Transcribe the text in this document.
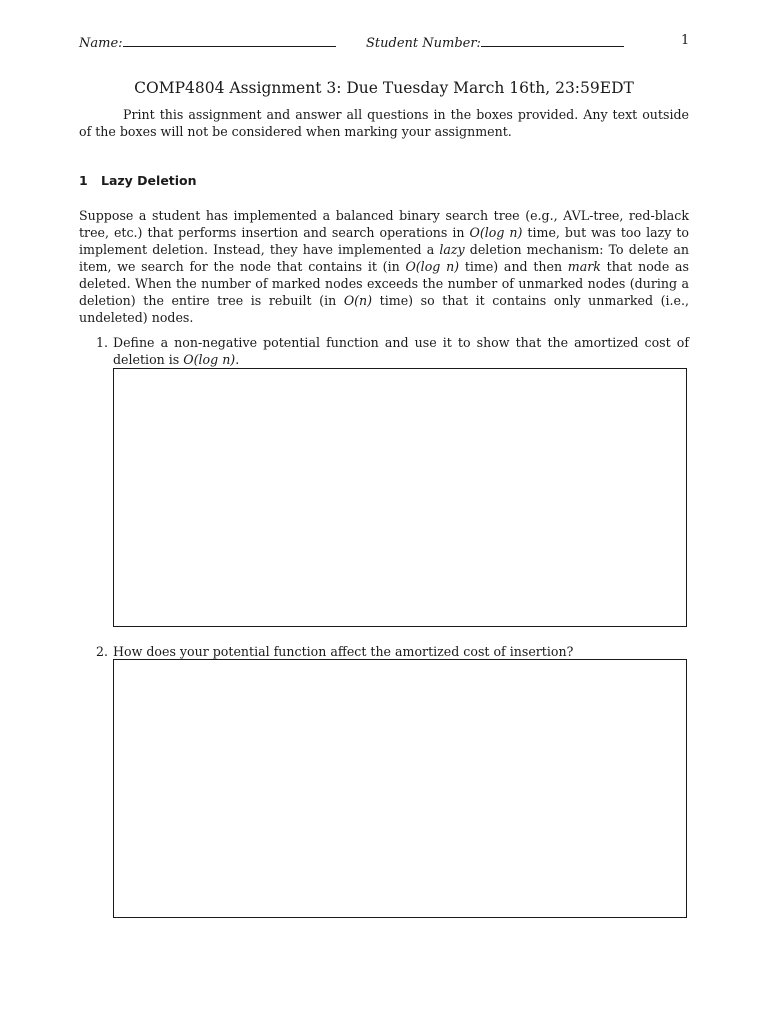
Name:	Student Number:	1
COMP4804 Assignment 3: Due Tuesday March 16th, 23:59EDT
Print this assignment and answer all questions in the boxes provided. Any text outside of the boxes will not be considered when marking your assignment.
1 Lazy Deletion
Suppose a student has implemented a balanced binary search tree (e.g., AVL-tree, red-black tree, etc.) that performs insertion and search operations in O(log n) time, but was too lazy to implement deletion. Instead, they have implemented a lazy deletion mechanism: To delete an item, we search for the node that contains it (in O(log n) time) and then mark that node as deleted. When the number of marked nodes exceeds the number of unmarked nodes (during a deletion) the entire tree is rebuilt (in O(n) time) so that it contains only unmarked (i.e., undeleted) nodes.
1. Define a non-negative potential function and use it to show that the amortized cost of deletion is O(log n).
2. How does your potential function affect the amortized cost of insertion?
